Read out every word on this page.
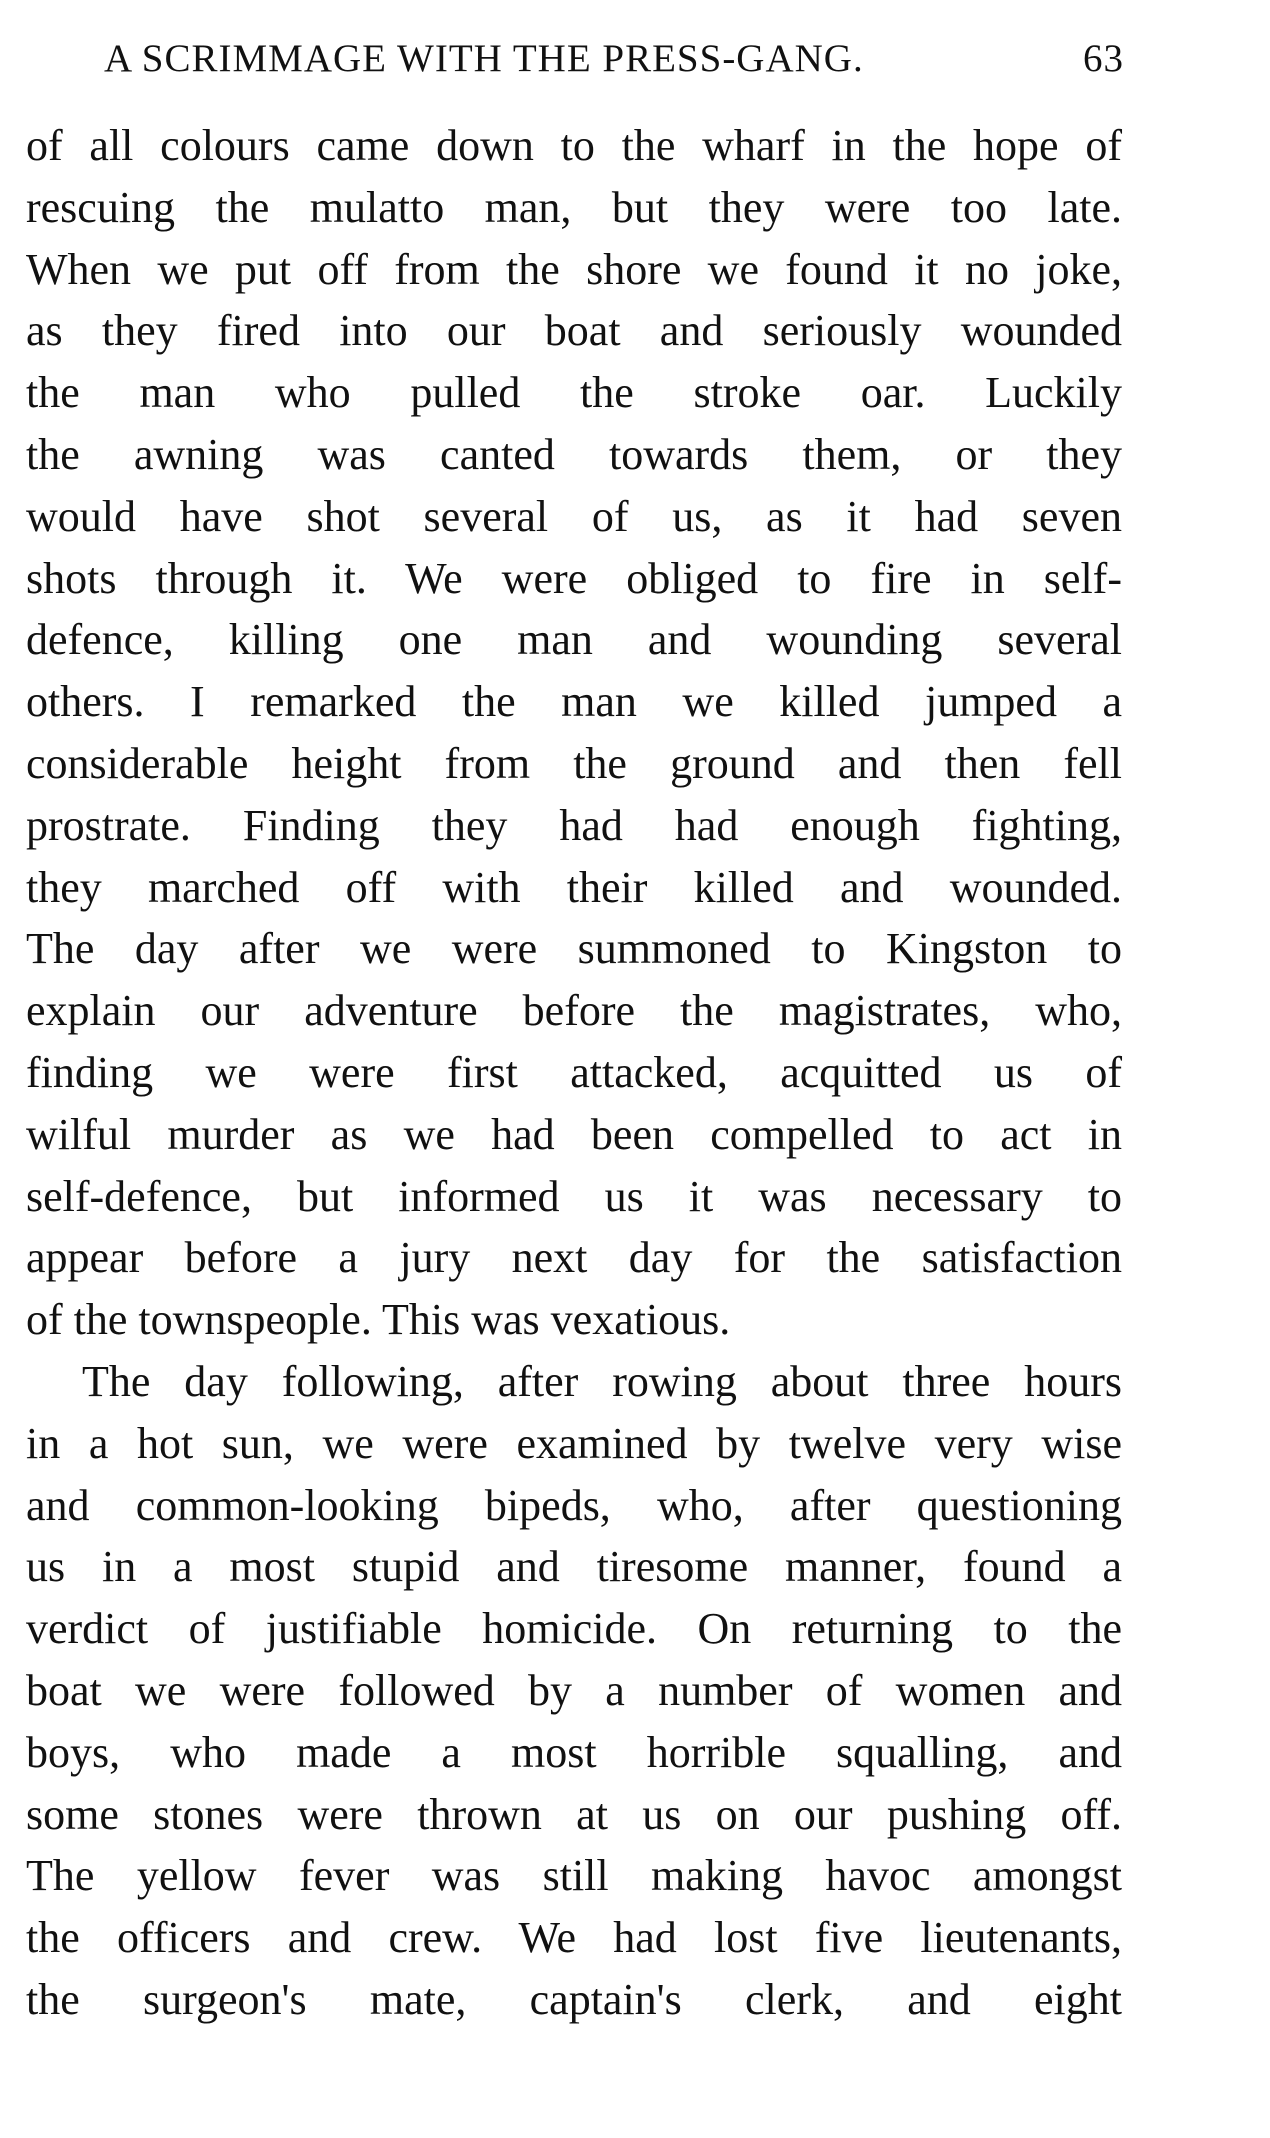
A SCRIMMAGE WITH THE PRESS-GANG.	63
of all colours came down to the wharf in the hope of
rescuing the mulatto man, but they were too late.
When we put off from the shore we found it no joke,
as they fired into our boat and seriously wounded
the man who pulled the stroke oar. Luckily
the awning was canted towards them, or they
would have shot several of us, as it had seven
shots through it. We were obliged to fire in self-
defence, killing one man and wounding several
others. I remarked the man we killed jumped a
considerable height from the ground and then fell
prostrate. Finding they had had enough fighting,
they marched off with their killed and wounded.
The day after we were summoned to Kingston to
explain our adventure before the magistrates, who,
finding we were first attacked, acquitted us of
wilful murder as we had been compelled to act in
self-defence, but informed us it was necessary to
appear before a jury next day for the satisfaction
of the townspeople. This was vexatious.
The day following, after rowing about three hours
in a hot sun, we were examined by twelve very wise
and common-looking bipeds, who, after questioning
us in a most stupid and tiresome manner, found a
verdict of justifiable homicide. On returning to the
boat we were followed by a number of women and
boys, who made a most horrible squalling, and
some stones were thrown at us on our pushing off.
The yellow fever was still making havoc amongst
the officers and crew. We had lost five lieutenants,
the surgeon's mate, captain's clerk, and eight
